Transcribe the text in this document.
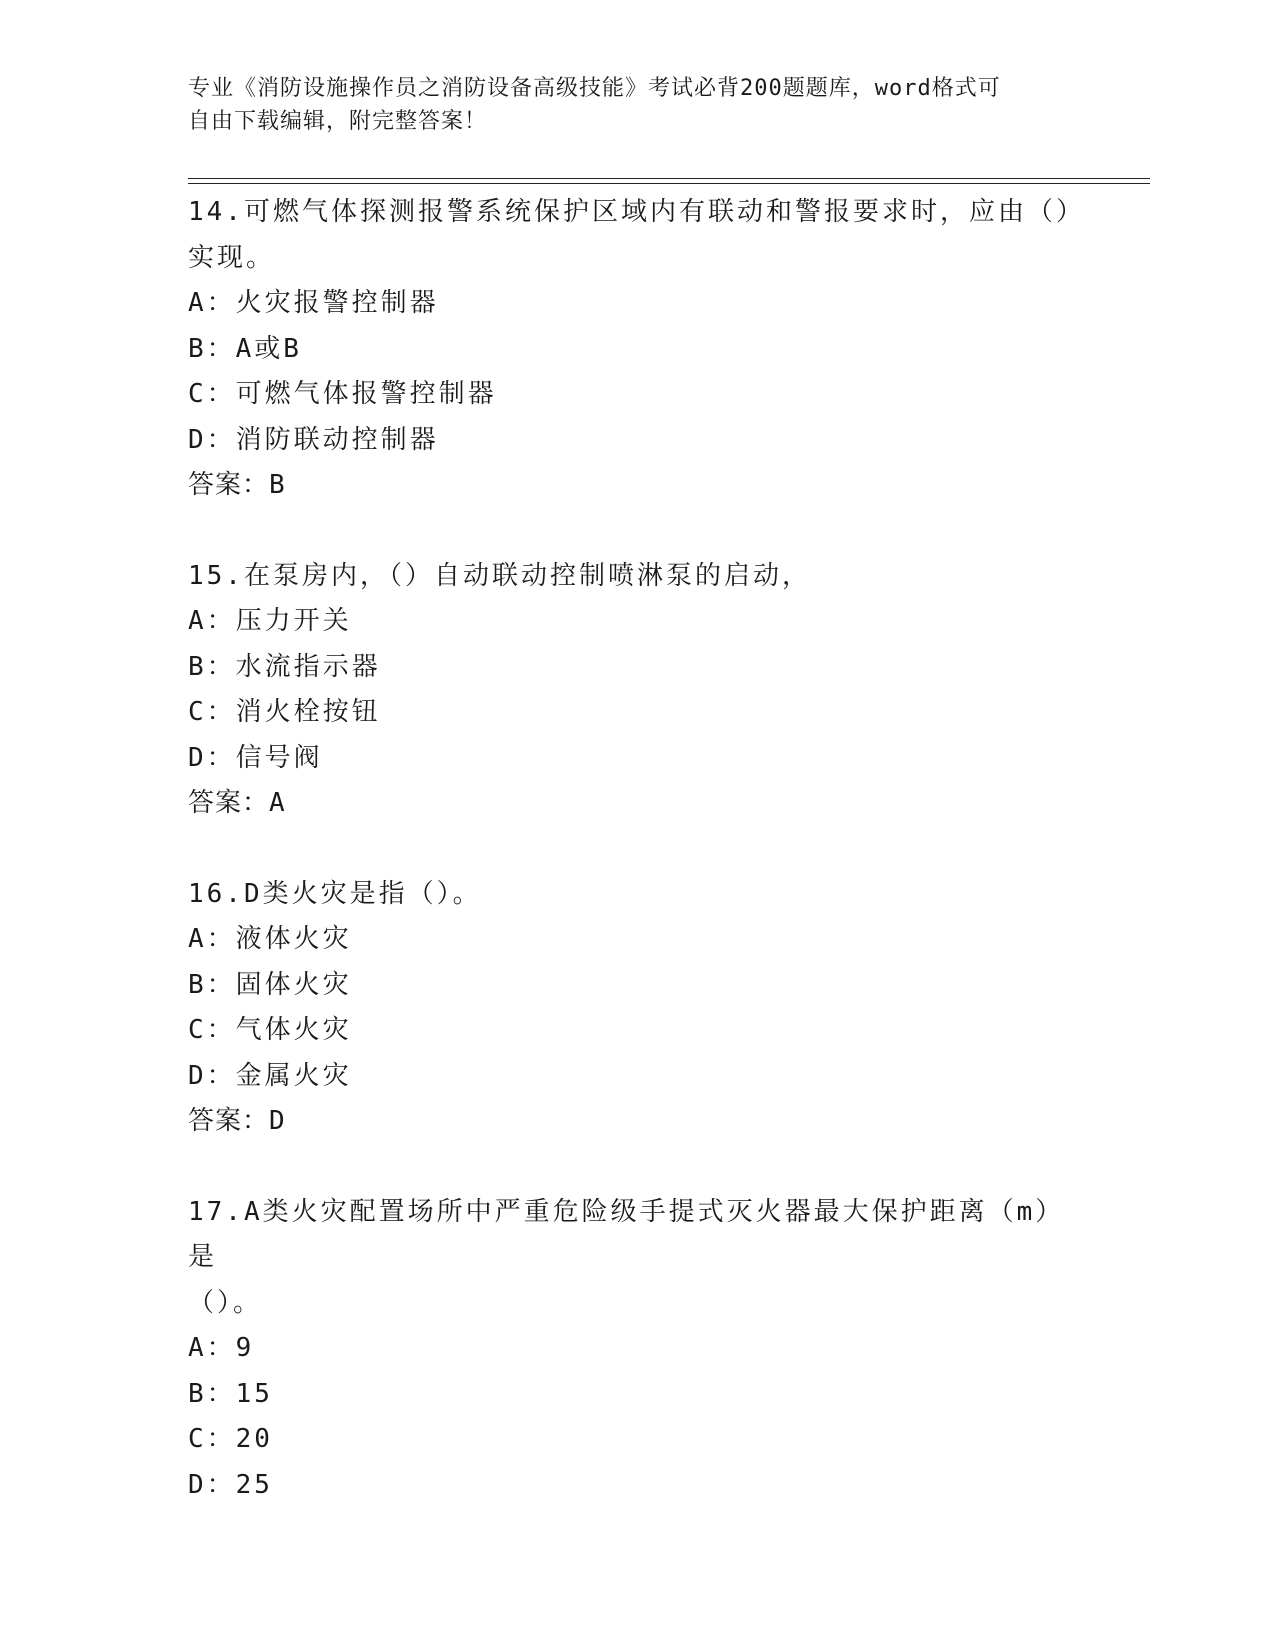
专业《消防设施操作员之消防设备高级技能》考试必背200题题库，word格式可
自由下载编辑，附完整答案！
14.可燃气体探测报警系统保护区域内有联动和警报要求时，应由（）
实现。
A：火灾报警控制器
B：A或B
C：可燃气体报警控制器
D：消防联动控制器
答案：B
15.在泵房内，（）自动联动控制喷淋泵的启动，
A：压力开关
B：水流指示器
C：消火栓按钮
D：信号阀
答案：A
16.D类火灾是指（）。
A：液体火灾
B：固体火灾
C：气体火灾
D：金属火灾
答案：D
17.A类火灾配置场所中严重危险级手提式灭火器最大保护距离（m）是
（）。
A：9
B：15
C：20
D：25
